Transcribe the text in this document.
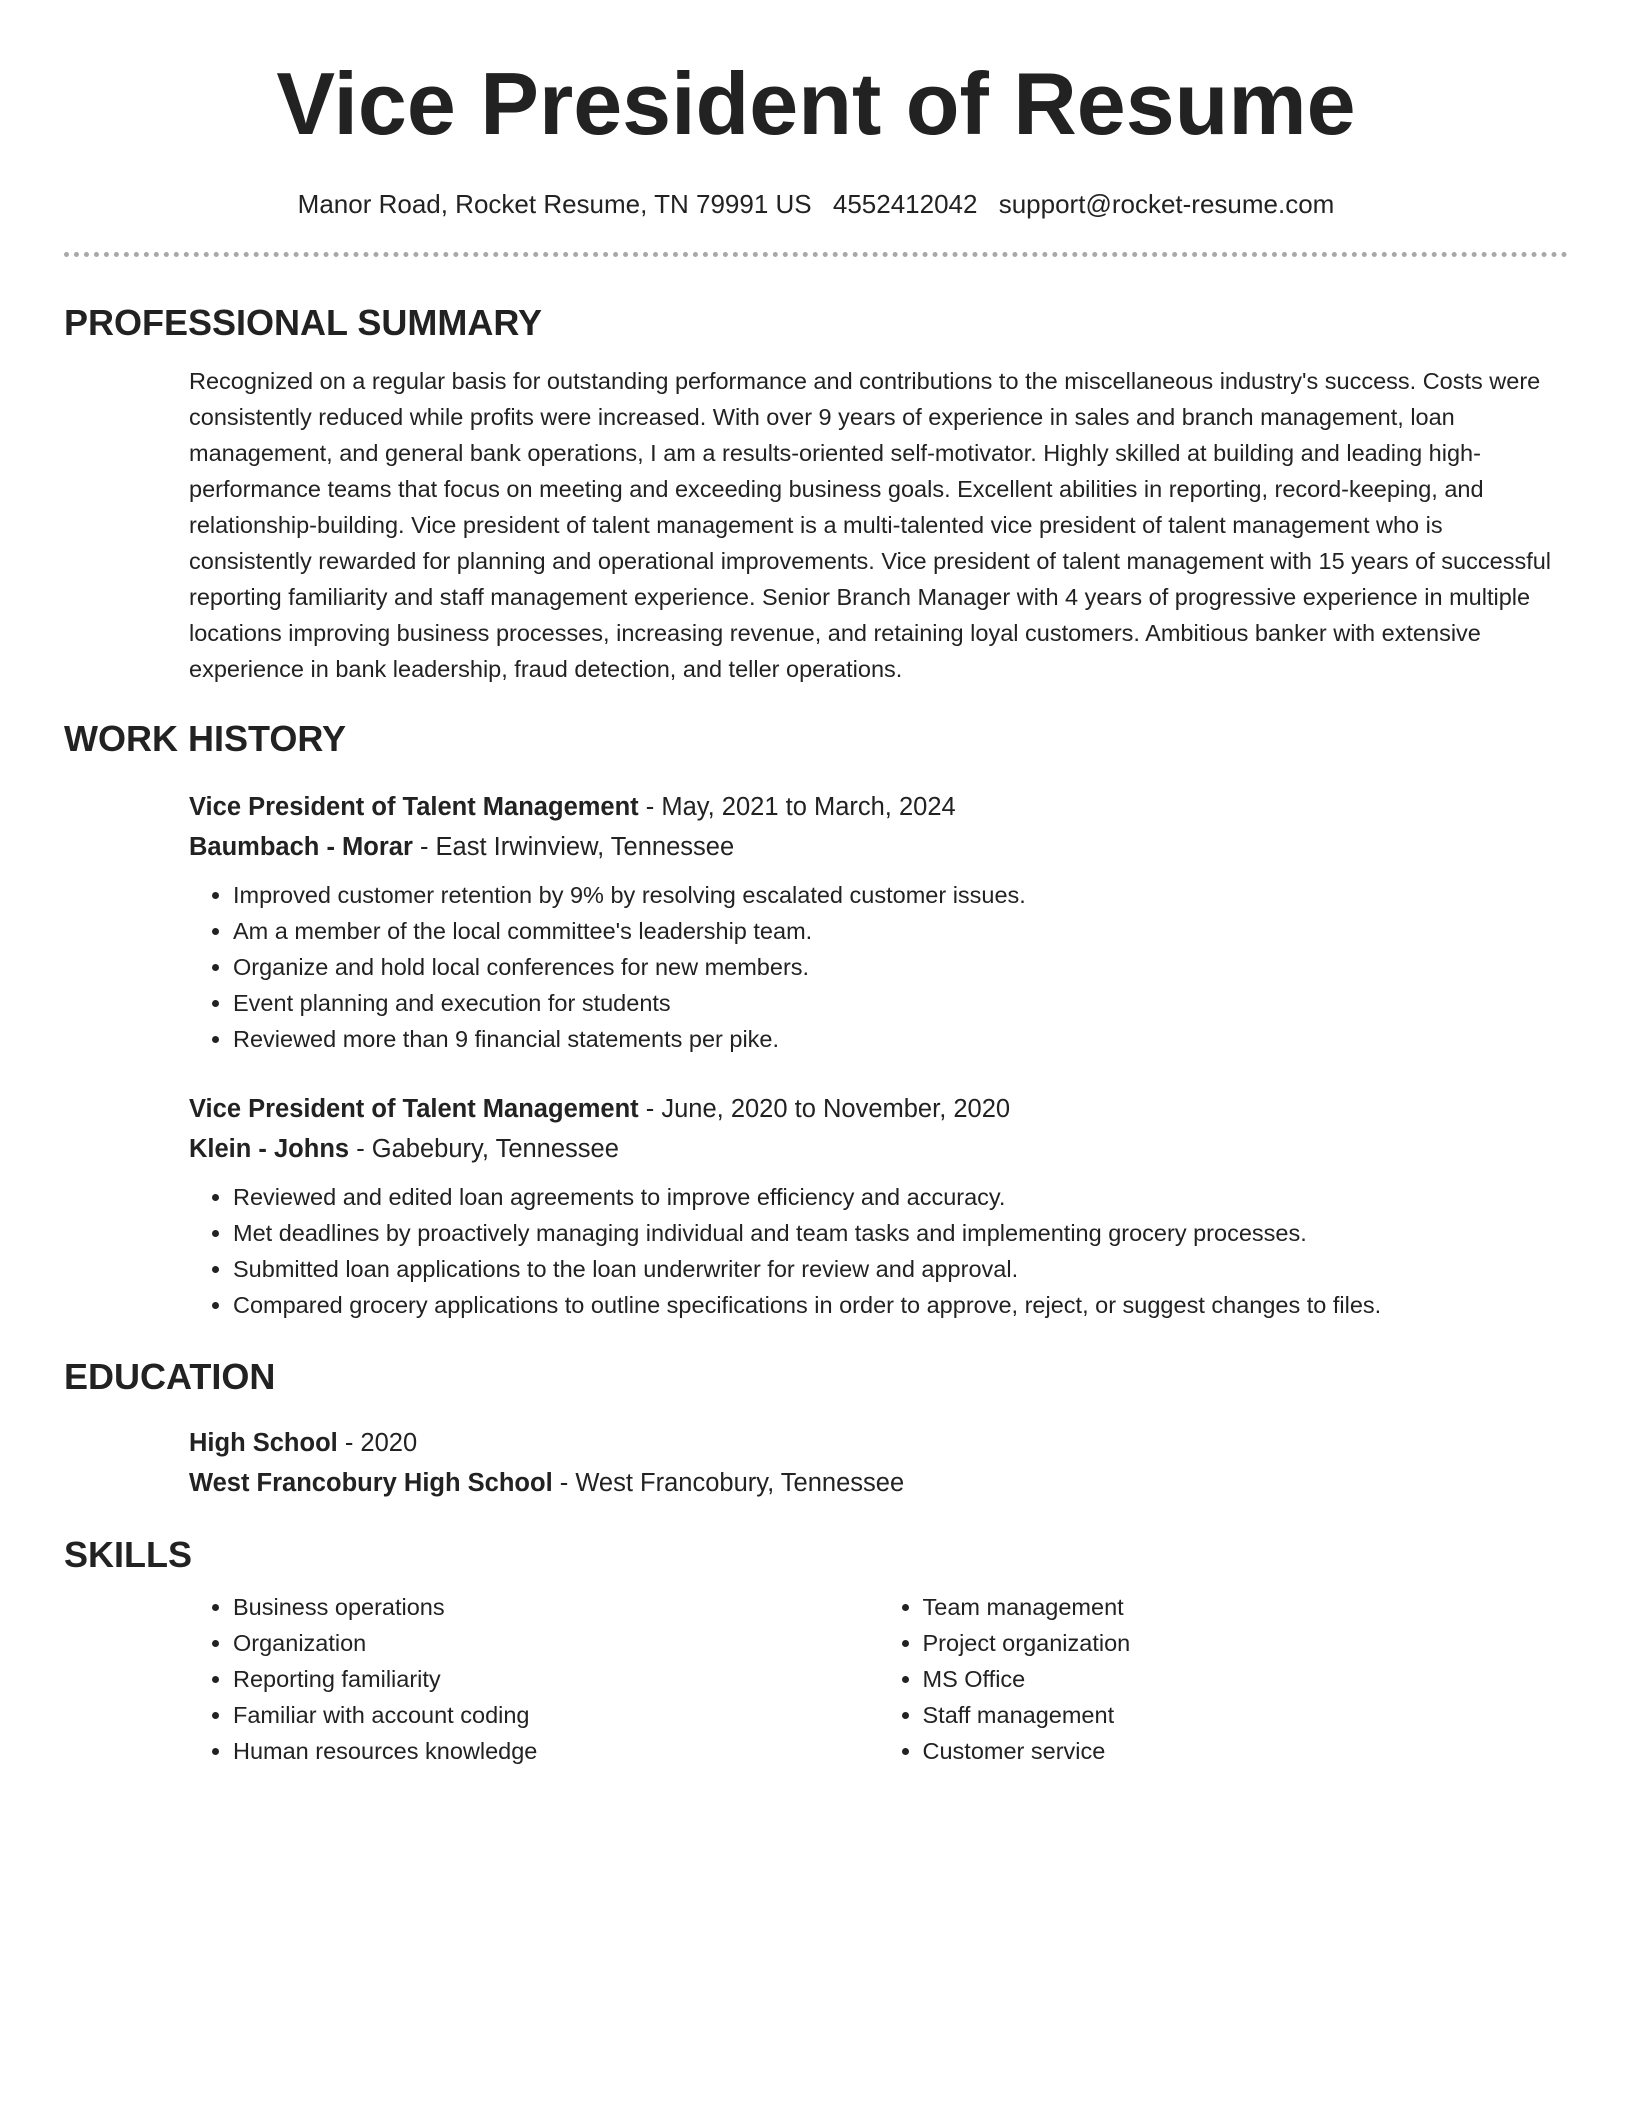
Vice President of Resume
Manor Road, Rocket Resume, TN 79991 US 4552412042 support@rocket-resume.com
PROFESSIONAL SUMMARY
Recognized on a regular basis for outstanding performance and contributions to the miscellaneous industry's success. Costs were consistently reduced while profits were increased. With over 9 years of experience in sales and branch management, loan management, and general bank operations, I am a results-oriented self-motivator. Highly skilled at building and leading high-performance teams that focus on meeting and exceeding business goals. Excellent abilities in reporting, record-keeping, and relationship-building. Vice president of talent management is a multi-talented vice president of talent management who is consistently rewarded for planning and operational improvements. Vice president of talent management with 15 years of successful reporting familiarity and staff management experience. Senior Branch Manager with 4 years of progressive experience in multiple locations improving business processes, increasing revenue, and retaining loyal customers. Ambitious banker with extensive experience in bank leadership, fraud detection, and teller operations.
WORK HISTORY
Vice President of Talent Management - May, 2021 to March, 2024
Baumbach - Morar - East Irwinview, Tennessee
• Improved customer retention by 9% by resolving escalated customer issues.
• Am a member of the local committee's leadership team.
• Organize and hold local conferences for new members.
• Event planning and execution for students
• Reviewed more than 9 financial statements per pike.
Vice President of Talent Management - June, 2020 to November, 2020
Klein - Johns - Gabebury, Tennessee
• Reviewed and edited loan agreements to improve efficiency and accuracy.
• Met deadlines by proactively managing individual and team tasks and implementing grocery processes.
• Submitted loan applications to the loan underwriter for review and approval.
• Compared grocery applications to outline specifications in order to approve, reject, or suggest changes to files.
EDUCATION
High School - 2020
West Francobury High School - West Francobury, Tennessee
SKILLS
• Business operations
• Organization
• Reporting familiarity
• Familiar with account coding
• Human resources knowledge
• Team management
• Project organization
• MS Office
• Staff management
• Customer service
